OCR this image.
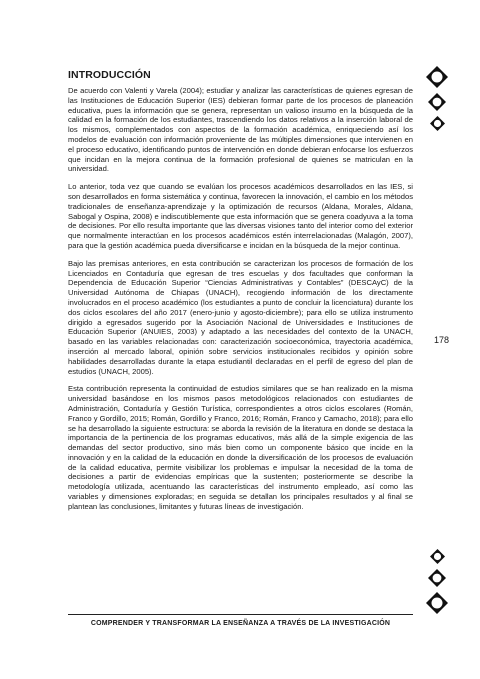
INTRODUCCIÓN

De acuerdo con Valenti y Varela (2004); estudiar y analizar las características de quienes egresan de las Instituciones de Educación Superior (IES) debieran formar parte de los procesos de planeación educativa, pues la información que se genera, representan un valioso insumo en la búsqueda de la calidad en la formación de los estudiantes, trascendiendo los datos relativos a la inserción laboral de los mismos, complementados con aspectos de la formación académica, enriqueciendo así los modelos de evaluación con información proveniente de las múltiples dimensiones que intervienen en el proceso educativo, identificando puntos de intervención en donde debieran enfocarse los esfuerzos que incidan en la mejora continua de la formación profesional de quienes se matriculan en la universidad.

Lo anterior, toda vez que cuando se evalúan los procesos académicos desarrollados en las IES, si son desarrollados en forma sistemática y continua, favorecen la innovación, el cambio en los métodos tradicionales de enseñanza-aprendizaje y la optimización de recursos (Aldana, Morales, Aldana, Sabogal y Ospina, 2008) e indiscutiblemente que esta información que se genera coadyuva a la toma de decisiones. Por ello resulta importante que las diversas visiones tanto del interior como del exterior que normalmente interactúan en los procesos académicos estén interrelacionadas (Malagón, 2007), para que la gestión académica pueda diversificarse e incidan en la búsqueda de la mejor continua.

Bajo las premisas anteriores, en esta contribución se caracterizan los procesos de formación de los Licenciados en Contaduría que egresan de tres escuelas y dos facultades que conforman la Dependencia de Educación Superior “Ciencias Administrativas y Contables” (DESCAyC) de la Universidad Autónoma de Chiapas (UNACH), recogiendo información de los directamente involucrados en el proceso académico (los estudiantes a punto de concluir la licenciatura) durante los dos ciclos escolares del año 2017 (enero-junio y agosto-diciembre); para ello se utiliza instrumento dirigido a egresados sugerido por la Asociación Nacional de Universidades e Instituciones de Educación Superior (ANUIES, 2003) y adaptado a las necesidades del contexto de la UNACH, basado en las variables relacionadas con: caracterización socioeconómica, trayectoria académica, inserción al mercado laboral, opinión sobre servicios institucionales recibidos y opinión sobre habilidades desarrolladas durante la etapa estudiantil declaradas en el perfil de egreso del plan de estudios (UNACH, 2005).

Esta contribución representa la continuidad de estudios similares que se han realizado en la misma universidad basándose en los mismos pasos metodológicos relacionados con estudiantes de Administración, Contaduría y Gestión Turística, correspondientes a otros ciclos escolares (Román, Franco y Gordillo, 2015; Román, Gordillo y Franco, 2016; Román, Franco y Camacho, 2018); para ello se ha desarrollado la siguiente estructura: se aborda la revisión de la literatura en donde se destaca la importancia de la pertinencia de los programas educativos, más allá de la simple exigencia de las demandas del sector productivo, sino más bien como un componente básico que incide en la innovación y en la calidad de la educación en donde la diversificación de los procesos de evaluación de la calidad educativa, permite visibilizar los problemas e impulsar la necesidad de la toma de decisiones a partir de evidencias empíricas que la sustenten; posteriormente se describe la metodología utilizada, acentuando las características del instrumento empleado, así como las variables y dimensiones exploradas; en seguida se detallan los principales resultados y al final se plantean las conclusiones, limitantes y futuras líneas de investigación.

178
COMPRENDER Y TRANSFORMAR LA ENSEÑANZA A TRAVÉS DE LA INVESTIGACIÓN
